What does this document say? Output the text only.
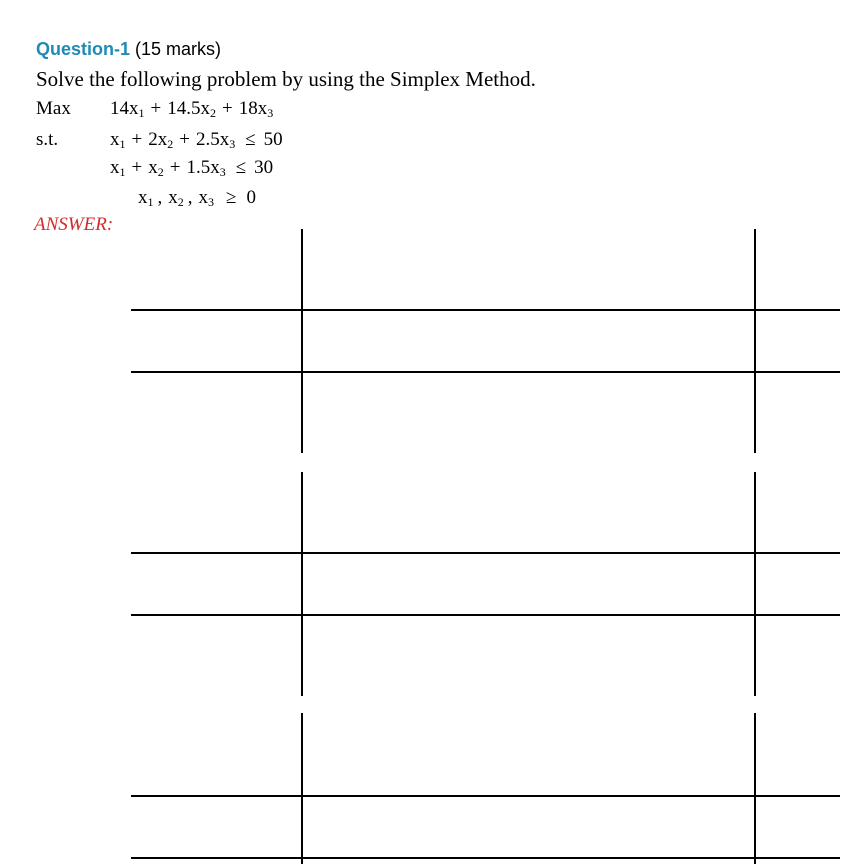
Question-1 (15 marks)
Solve the following problem by using the Simplex Method.
Max $14x_1 + 14.5x_2 + 18x_3$
s.t.	$x_1 + 2x_2 + 2.5x_3 \le 50$
$x_1 + x_2 + 1.5x_3 \le 30$
$x_1$ , $x_2$ , $x_3 \ge 0$
ANSWER:
